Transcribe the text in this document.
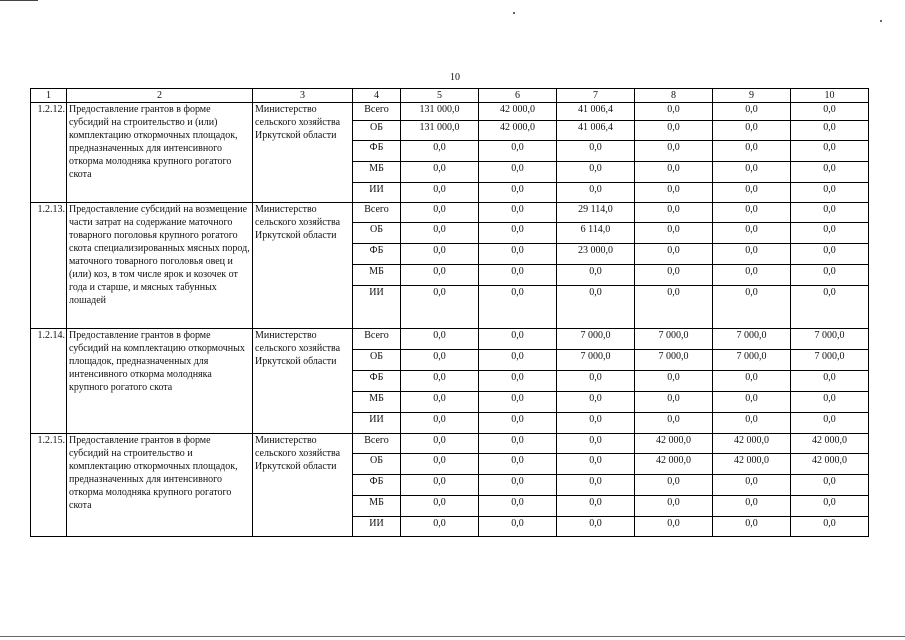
10
1	2	3	4	5	6	7	8	9	10
1.2.12.	Предоставление грантов в форме субсидий на строительство и (или) комплектацию откормочных площадок, предназначенных для интенсивного откорма молодняка крупного рогатого скота	Министерство сельского хозяйства Иркутской области	Всего	131 000,0	42 000,0	41 006,4	0,0	0,0	0,0
			ОБ	131 000,0	42 000,0	41 006,4	0,0	0,0	0,0
			ФБ	0,0	0,0	0,0	0,0	0,0	0,0
			МБ	0,0	0,0	0,0	0,0	0,0	0,0
			ИИ	0,0	0,0	0,0	0,0	0,0	0,0
1.2.13.	Предоставление субсидий на возмещение части затрат на содержание маточного товарного поголовья крупного рогатого скота специализированных мясных пород, маточного товарного поголовья овец и (или) коз, в том числе ярок и козочек от года и старше, и мясных табунных лошадей	Министерство сельского хозяйства Иркутской области	Всего	0,0	0,0	29 114,0	0,0	0,0	0,0
			ОБ	0,0	0,0	6 114,0	0,0	0,0	0,0
			ФБ	0,0	0,0	23 000,0	0,0	0,0	0,0
			МБ	0,0	0,0	0,0	0,0	0,0	0,0
			ИИ	0,0	0,0	0,0	0,0	0,0	0,0
1.2.14.	Предоставление грантов в форме субсидий на комплектацию откормочных площадок, предназначенных для интенсивного откорма молодняка крупного рогатого скота	Министерство сельского хозяйства Иркутской области	Всего	0,0	0,0	7 000,0	7 000,0	7 000,0	7 000,0
			ОБ	0,0	0,0	7 000,0	7 000,0	7 000,0	7 000,0
			ФБ	0,0	0,0	0,0	0,0	0,0	0,0
			МБ	0,0	0,0	0,0	0,0	0,0	0,0
			ИИ	0,0	0,0	0,0	0,0	0,0	0,0
1.2.15.	Предоставление грантов в форме субсидий на строительство и комплектацию откормочных площадок, предназначенных для интенсивного откорма молодняка крупного рогатого скота	Министерство сельского хозяйства Иркутской области	Всего	0,0	0,0	0,0	42 000,0	42 000,0	42 000,0
			ОБ	0,0	0,0	0,0	42 000,0	42 000,0	42 000,0
			ФБ	0,0	0,0	0,0	0,0	0,0	0,0
			МБ	0,0	0,0	0,0	0,0	0,0	0,0
			ИИ	0,0	0,0	0,0	0,0	0,0	0,0
